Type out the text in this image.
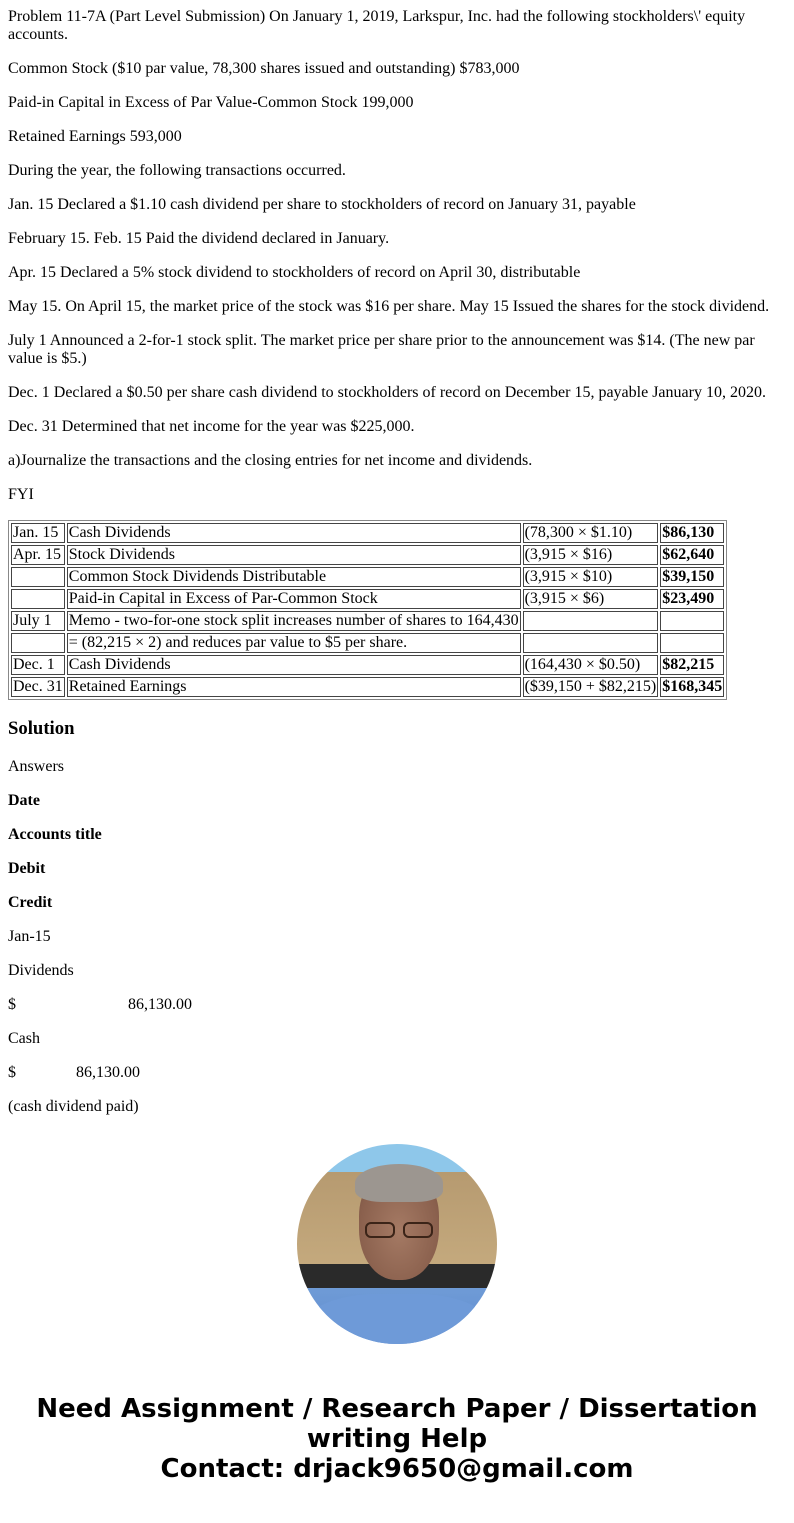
Problem 11-7A (Part Level Submission) On January 1, 2019, Larkspur, Inc. had the following stockholders\' equity accounts.

Common Stock ($10 par value, 78,300 shares issued and outstanding) $783,000

Paid-in Capital in Excess of Par Value-Common Stock 199,000

Retained Earnings 593,000

During the year, the following transactions occurred.

Jan. 15 Declared a $1.10 cash dividend per share to stockholders of record on January 31, payable

February 15. Feb. 15 Paid the dividend declared in January.

Apr. 15 Declared a 5% stock dividend to stockholders of record on April 30, distributable

May 15. On April 15, the market price of the stock was $16 per share. May 15 Issued the shares for the stock dividend.

July 1 Announced a 2-for-1 stock split. The market price per share prior to the announcement was $14. (The new par value is $5.)

Dec. 1 Declared a $0.50 per share cash dividend to stockholders of record on December 15, payable January 10, 2020.

Dec. 31 Determined that net income for the year was $225,000.

a)Journalize the transactions and the closing entries for net income and dividends.

FYI

Jan. 15	Cash Dividends	(78,300 × $1.10)	$86,130
Apr. 15	Stock Dividends	(3,915 × $16)	$62,640
	Common Stock Dividends Distributable	(3,915 × $10)	$39,150
	Paid-in Capital in Excess of Par-Common Stock	(3,915 × $6)	$23,490
July 1	Memo - two-for-one stock split increases number of shares to 164,430		
	= (82,215 × 2) and reduces par value to $5 per share.		
Dec. 1	Cash Dividends	(164,430 × $0.50)	$82,215
Dec. 31	Retained Earnings	($39,150 + $82,215)	$168,345
Solution

Answers

Date

Accounts title

Debit

Credit

Jan-15

Dividends

$	86,130.00

Cash

$	86,130.00

(cash dividend paid)

Need Assignment / Research Paper / Dissertation writing Help
Contact: drjack9650@gmail.com
